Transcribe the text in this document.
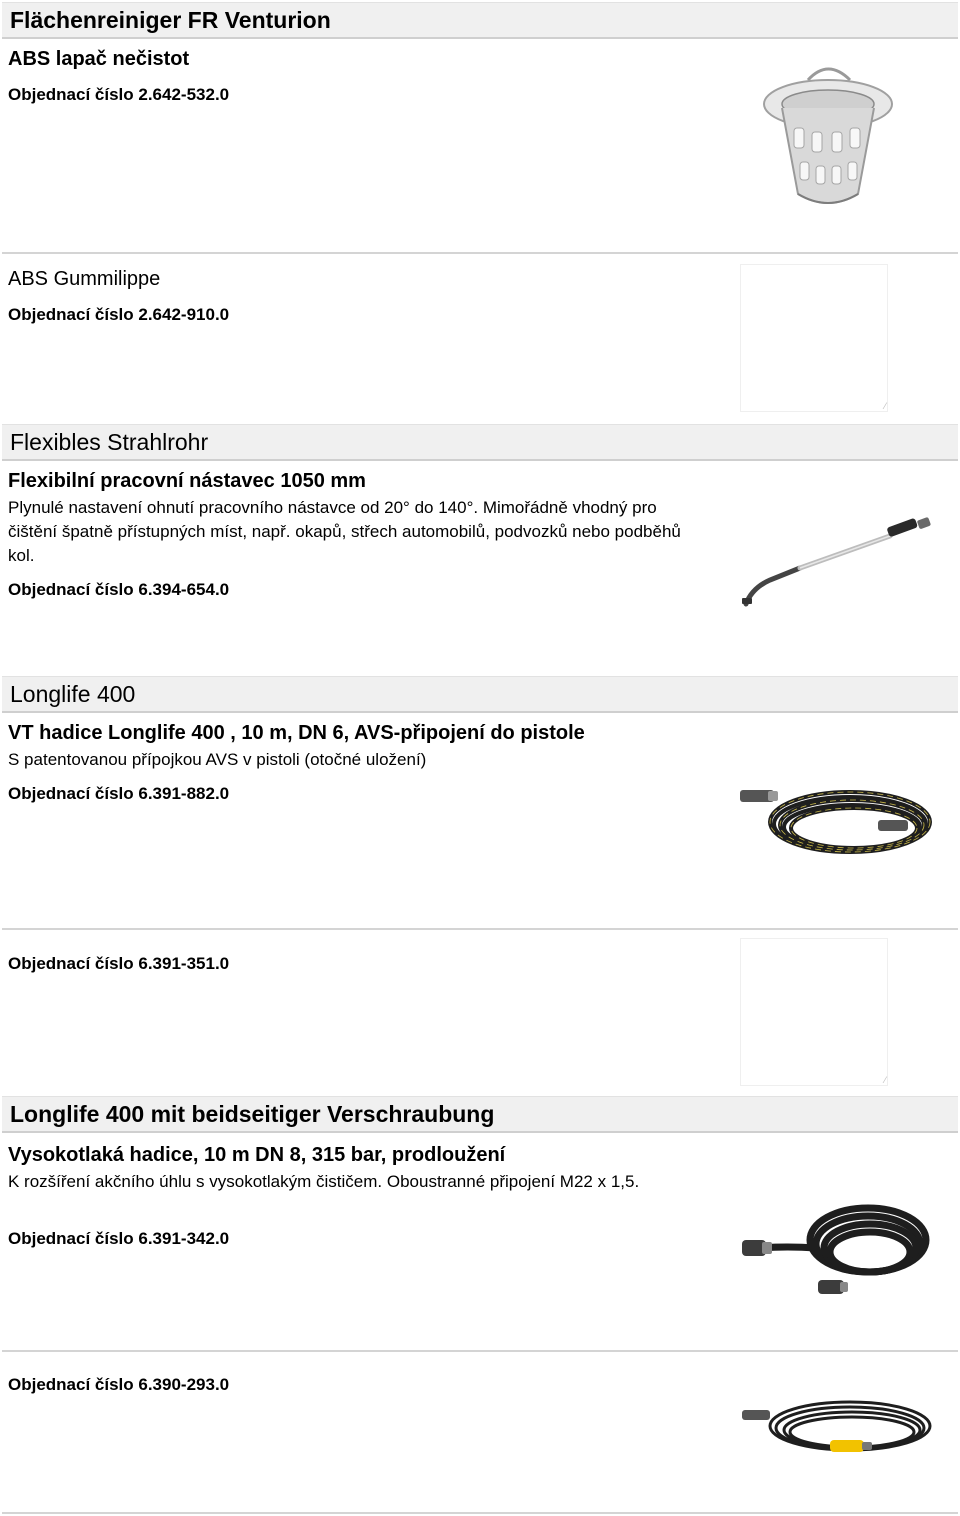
Flächenreiniger FR Venturion
ABS lapač nečistot
Objednací číslo 2.642-532.0
ABS Gummilippe
Objednací číslo 2.642-910.0
⁄
Flexibles Strahlrohr
Flexibilní pracovní nástavec 1050 mm
Plynulé nastavení ohnutí pracovního nástavce od 20° do 140°. Mimořádně vhodný pro čištění špatně přístupných míst, např. okapů, střech automobilů, podvozků nebo podběhů kol.
Objednací číslo 6.394-654.0
Longlife 400
VT hadice Longlife 400 , 10 m, DN 6, AVS-připojení do pistole
S patentovanou přípojkou AVS v pistoli (otočné uložení)
Objednací číslo 6.391-882.0
Objednací číslo 6.391-351.0
⁄
Longlife 400 mit beidseitiger Verschraubung
Vysokotlaká hadice, 10 m DN 8, 315 bar, prodloužení
K rozšíření akčního úhlu s vysokotlakým čističem. Oboustranné připojení M22 x 1,5.
Objednací číslo 6.391-342.0
Objednací číslo 6.390-293.0
